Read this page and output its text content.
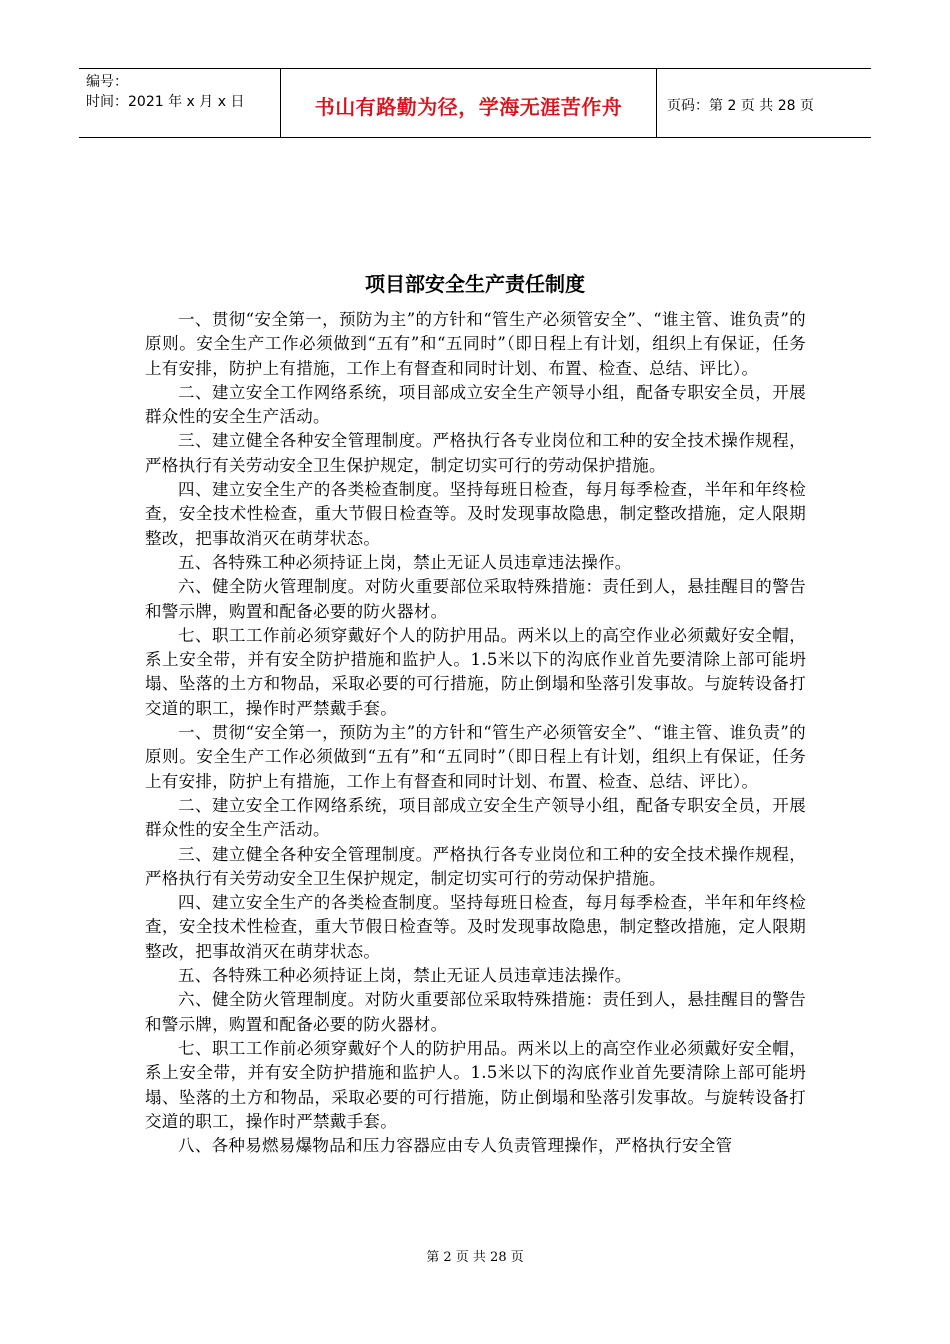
编号：
时间：2021 年 x 月 x 日	书山有路勤为径，学海无涯苦作舟	页码：第 2 页 共 28 页
项目部安全生产责任制度

一、贯彻“安全第一，预防为主”的方针和“管生产必须管安全”、“谁主管、谁负责”的原则。安全生产工作必须做到“五有”和“五同时”（即日程上有计划，组织上有保证，任务上有安排，防护上有措施，工作上有督查和同时计划、布置、检查、总结、评比）。

二、建立安全工作网络系统，项目部成立安全生产领导小组，配备专职安全员，开展群众性的安全生产活动。

三、建立健全各种安全管理制度。严格执行各专业岗位和工种的安全技术操作规程，严格执行有关劳动安全卫生保护规定，制定切实可行的劳动保护措施。

四、建立安全生产的各类检查制度。坚持每班日检查，每月每季检查，半年和年终检查，安全技术性检查，重大节假日检查等。及时发现事故隐患，制定整改措施，定人限期整改，把事故消灭在萌芽状态。

五、各特殊工种必须持证上岗，禁止无证人员违章违法操作。

六、健全防火管理制度。对防火重要部位采取特殊措施：责任到人，悬挂醒目的警告和警示牌，购置和配备必要的防火器材。

七、职工工作前必须穿戴好个人的防护用品。两米以上的高空作业必须戴好安全帽，系上安全带，并有安全防护措施和监护人。1.5米以下的沟底作业首先要清除上部可能坍塌、坠落的土方和物品，采取必要的可行措施，防止倒塌和坠落引发事故。与旋转设备打交道的职工，操作时严禁戴手套。

一、贯彻“安全第一，预防为主”的方针和“管生产必须管安全”、“谁主管、谁负责”的原则。安全生产工作必须做到“五有”和“五同时”（即日程上有计划，组织上有保证，任务上有安排，防护上有措施，工作上有督查和同时计划、布置、检查、总结、评比）。

二、建立安全工作网络系统，项目部成立安全生产领导小组，配备专职安全员，开展群众性的安全生产活动。

三、建立健全各种安全管理制度。严格执行各专业岗位和工种的安全技术操作规程，严格执行有关劳动安全卫生保护规定，制定切实可行的劳动保护措施。

四、建立安全生产的各类检查制度。坚持每班日检查，每月每季检查，半年和年终检查，安全技术性检查，重大节假日检查等。及时发现事故隐患，制定整改措施，定人限期整改，把事故消灭在萌芽状态。

五、各特殊工种必须持证上岗，禁止无证人员违章违法操作。

六、健全防火管理制度。对防火重要部位采取特殊措施：责任到人，悬挂醒目的警告和警示牌，购置和配备必要的防火器材。

七、职工工作前必须穿戴好个人的防护用品。两米以上的高空作业必须戴好安全帽，系上安全带，并有安全防护措施和监护人。1.5米以下的沟底作业首先要清除上部可能坍塌、坠落的土方和物品，采取必要的可行措施，防止倒塌和坠落引发事故。与旋转设备打交道的职工，操作时严禁戴手套。

八、各种易燃易爆物品和压力容器应由专人负责管理操作，严格执行安全管

第 2 页 共 28 页
